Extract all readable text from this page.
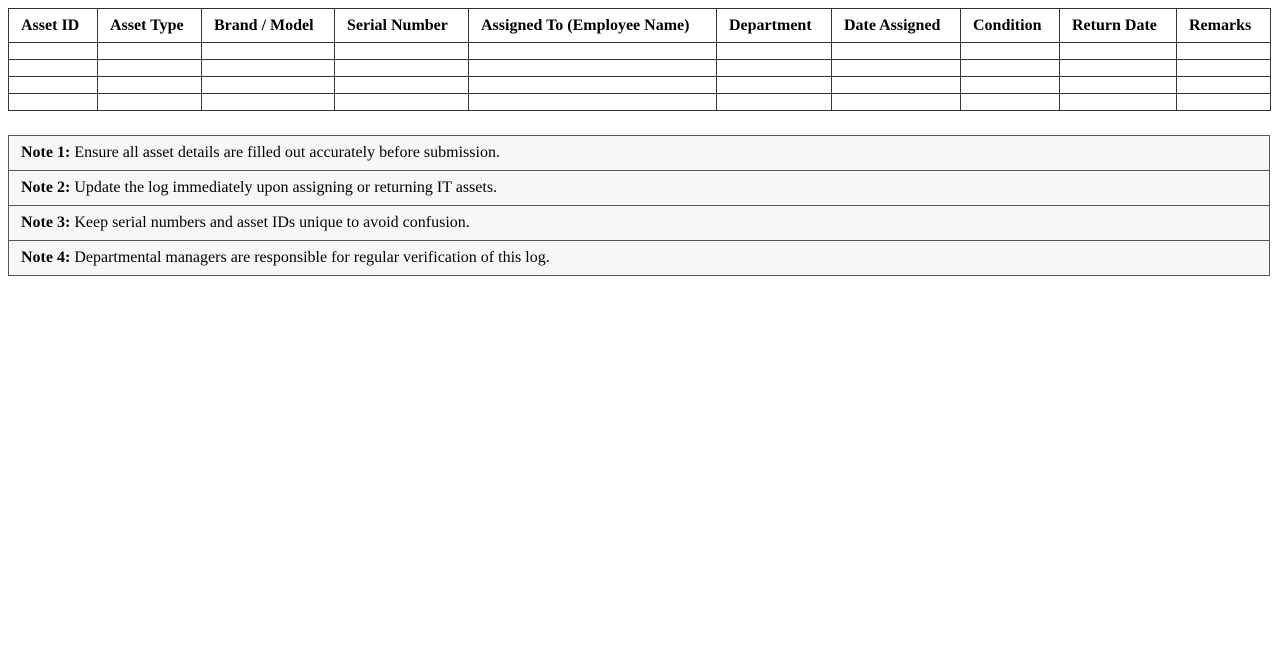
Asset ID	Asset Type	Brand / Model	Serial Number	Assigned To (Employee Name)	Department	Date Assigned	Condition	Return Date	Remarks

Note 1: Ensure all asset details are filled out accurately before submission.
Note 2: Update the log immediately upon assigning or returning IT assets.
Note 3: Keep serial numbers and asset IDs unique to avoid confusion.
Note 4: Departmental managers are responsible for regular verification of this log.
